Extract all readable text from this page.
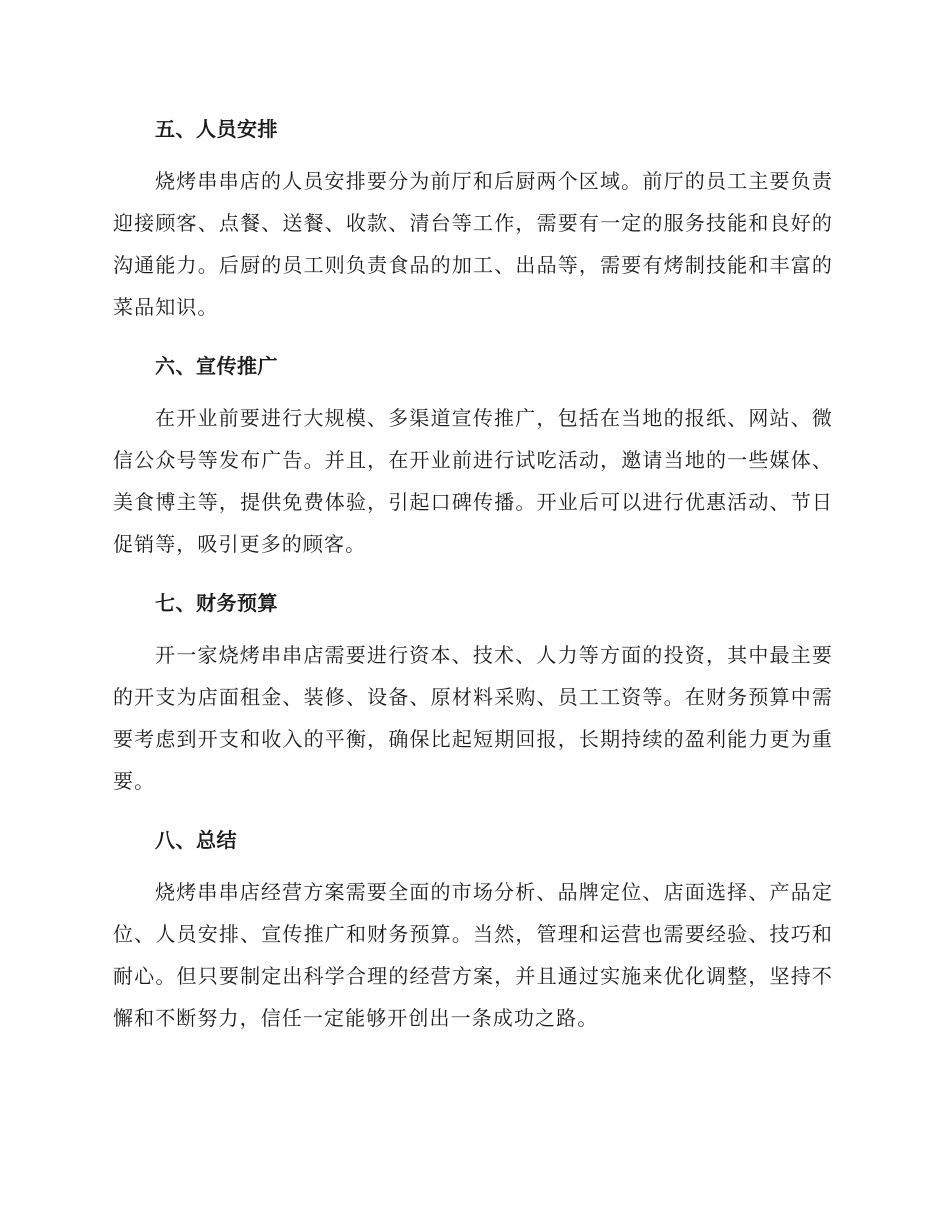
五、人员安排

烧烤串串店的人员安排要分为前厅和后厨两个区域。前厅的员工主要负责迎接顾客、点餐、送餐、收款、清台等工作，需要有一定的服务技能和良好的沟通能力。后厨的员工则负责食品的加工、出品等，需要有烤制技能和丰富的菜品知识。

六、宣传推广

在开业前要进行大规模、多渠道宣传推广，包括在当地的报纸、网站、微信公众号等发布广告。并且，在开业前进行试吃活动，邀请当地的一些媒体、美食博主等，提供免费体验，引起口碑传播。开业后可以进行优惠活动、节日促销等，吸引更多的顾客。

七、财务预算

开一家烧烤串串店需要进行资本、技术、人力等方面的投资，其中最主要的开支为店面租金、装修、设备、原材料采购、员工工资等。在财务预算中需要考虑到开支和收入的平衡，确保比起短期回报，长期持续的盈利能力更为重要。

八、总结

烧烤串串店经营方案需要全面的市场分析、品牌定位、店面选择、产品定位、人员安排、宣传推广和财务预算。当然，管理和运营也需要经验、技巧和耐心。但只要制定出科学合理的经营方案，并且通过实施来优化调整，坚持不懈和不断努力，信任一定能够开创出一条成功之路。
